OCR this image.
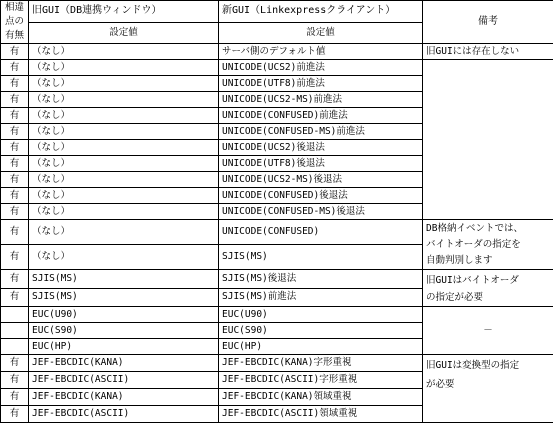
相違
点の
有無	旧GUI（DB連携ウィンドウ）	新GUI（Linkexpressクライアント）	備考
	設定値	設定値	
有	（なし）	サーバ側のデフォルト値	旧GUIには存在しない
有	（なし）	UNICODE(UCS2)前進法	
有	（なし）	UNICODE(UTF8)前進法	
有	（なし）	UNICODE(UCS2-MS)前進法	
有	（なし）	UNICODE(CONFUSED)前進法	
有	（なし）	UNICODE(CONFUSED-MS)前進法	
有	（なし）	UNICODE(UCS2)後退法	
有	（なし）	UNICODE(UTF8)後退法	
有	（なし）	UNICODE(UCS2-MS)後退法	
有	（なし）	UNICODE(CONFUSED)後退法	
有	（なし）	UNICODE(CONFUSED-MS)後退法	
有	（なし）	UNICODE(CONFUSED)	DB格納イベントでは、
バイトオーダの指定を
自動判別します

有	（なし）	SJIS(MS)	
有	SJIS(MS)	SJIS(MS)後退法	旧GUIはバイトオーダ
の指定が必要

有	SJIS(MS)	SJIS(MS)前進法	
	EUC(U90)	EUC(U90)	－
	EUC(S90)	EUC(S90)	
	EUC(HP)	EUC(HP)	
有	JEF-EBCDIC(KANA)	JEF-EBCDIC(KANA)字形重視	旧GUIは変換型の指定
が必要

有	JEF-EBCDIC(ASCII)	JEF-EBCDIC(ASCII)字形重視	
有	JEF-EBCDIC(KANA)	JEF-EBCDIC(KANA)領域重視	
有	JEF-EBCDIC(ASCII)	JEF-EBCDIC(ASCII)領域重視	
